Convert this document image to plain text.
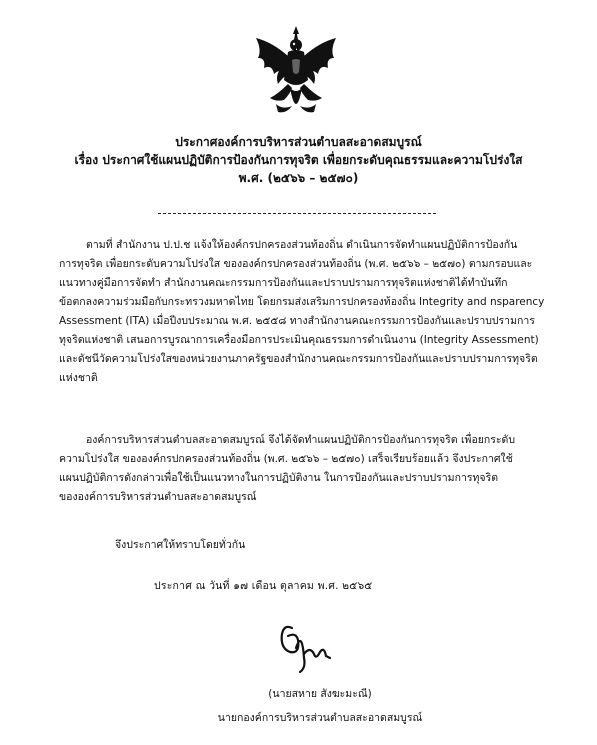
ประกาศองค์การบริหารส่วนตำบลสะอาดสมบูรณ์
เรื่อง ประกาศใช้แผนปฏิบัติการป้องกันการทุจริต เพื่อยกระดับคุณธรรมและความโปร่งใส
พ.ศ. (๒๕๖๖ – ๒๕๗๐)
ตามที่ สำนักงาน ป.ป.ช แจ้งให้องค์กรปกครองส่วนท้องถิ่น ดำเนินการจัดทำแผนปฏิบัติการป้องกัน
การทุจริต เพื่อยกระดับความโปร่งใส ขององค์กรปกครองส่วนท้องถิ่น (พ.ศ. ๒๕๖๖ – ๒๕๗๐) ตามกรอบและ
แนวทางคู่มือการจัดทำ สำนักงานคณะกรรมการป้องกันและปราบปรามการทุจริตแห่งชาติได้ทำบันทึก
ข้อตกลงความร่วมมือกับกระทรวงมหาดไทย โดยกรมส่งเสริมการปกครองท้องถิ่น Integrity and nsparency
Assessment (ITA) เมื่อปีงบประมาณ พ.ศ. ๒๕๕๘ ทางสำนักงานคณะกรรมการป้องกันและปราบปรามการ
ทุจริตแห่งชาติ เสนอการบูรณาการเครื่องมือการประเมินคุณธรรมการดำเนินงาน (Integrity Assessment)
และดัชนีวัดความโปร่งใสของหน่วยงานภาครัฐของสำนักงานคณะกรรมการป้องกันและปราบปรามการทุจริต
แห่งชาติ
องค์การบริหารส่วนตำบลสะอาดสมบูรณ์ จึงได้จัดทำแผนปฏิบัติการป้องกันการทุจริต เพื่อยกระดับ
ความโปร่งใส ขององค์กรปกครองส่วนท้องถิ่น (พ.ศ. ๒๕๖๖ – ๒๕๗๐) เสร็จเรียบร้อยแล้ว จึงประกาศใช้
แผนปฏิบัติการดังกล่าวเพื่อใช้เป็นแนวทางในการปฏิบัติงาน ในการป้องกันและปราบปรามการทุจริต
ขององค์การบริหารส่วนตำบลสะอาดสมบูรณ์
จึงประกาศให้ทราบโดยทั่วกัน
ประกาศ ณ วันที่ ๑๗ เดือน ตุลาคม พ.ศ. ๒๕๖๕
(นายสหาย สังฆะมะณี)
นายกองค์การบริหารส่วนตำบลสะอาดสมบูรณ์
